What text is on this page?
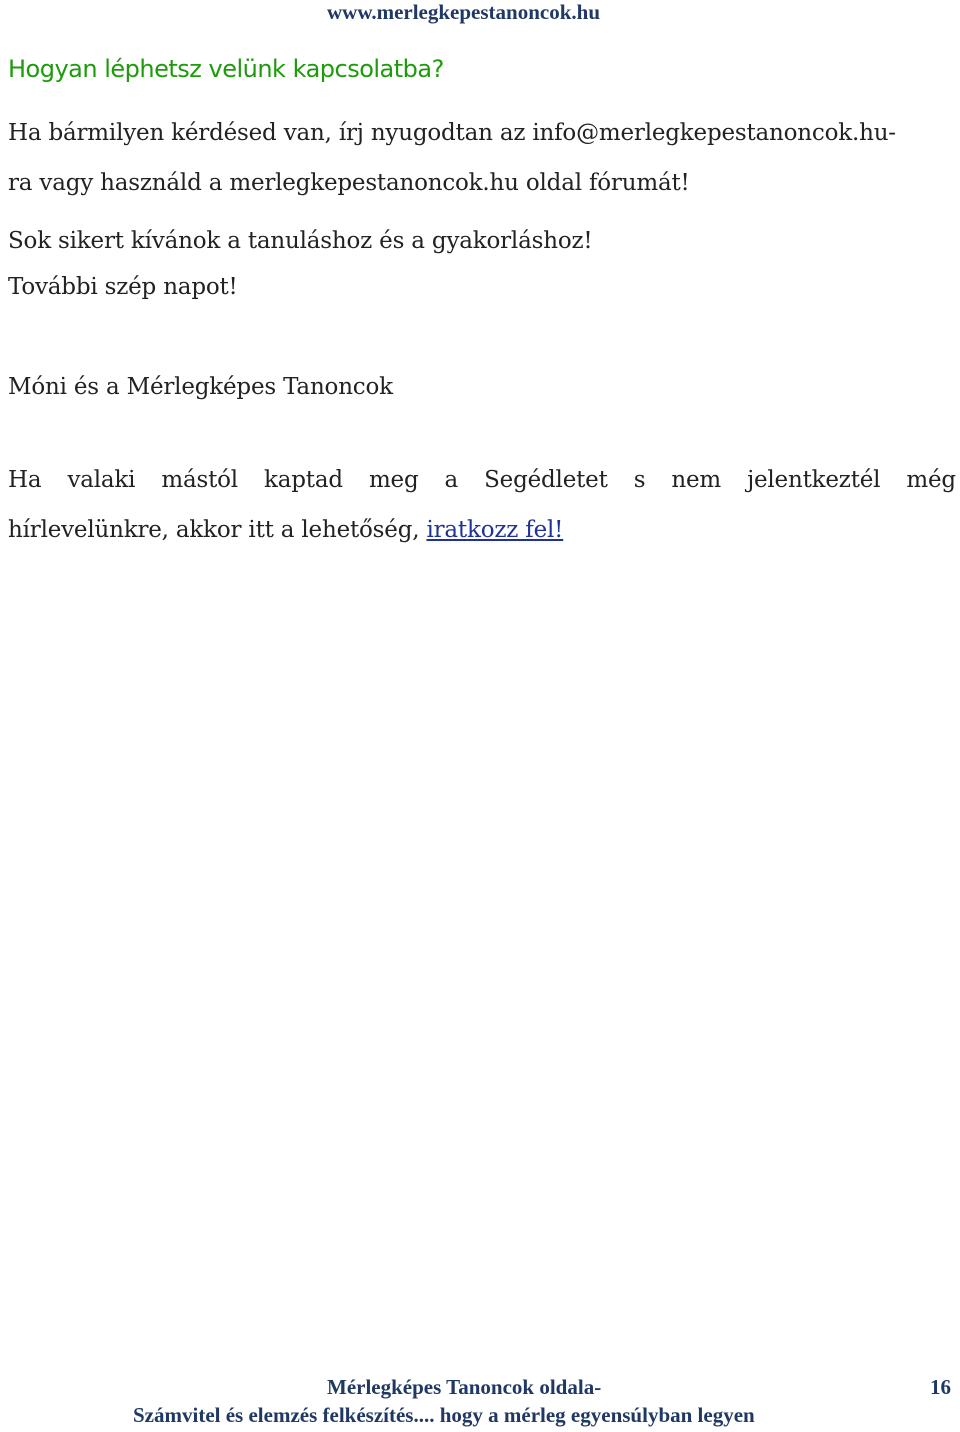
www.merlegkepestanoncok.hu
Hogyan léphetsz velünk kapcsolatba?
Ha bármilyen kérdésed van, írj nyugodtan az info@merlegkepestanoncok.hu-
ra vagy használd a merlegkepestanoncok.hu oldal fórumát!
Sok sikert kívánok a tanuláshoz és a gyakorláshoz!
További szép napot!
Móni és a Mérlegképes Tanoncok
Ha valaki mástól kaptad meg a Segédletet s nem jelentkeztél még
hírlevelünkre, akkor itt a lehetőség, iratkozz fel!
Mérlegképes Tanoncok oldala-	16
Számvitel és elemzés felkészítés.... hogy a mérleg egyensúlyban legyen
